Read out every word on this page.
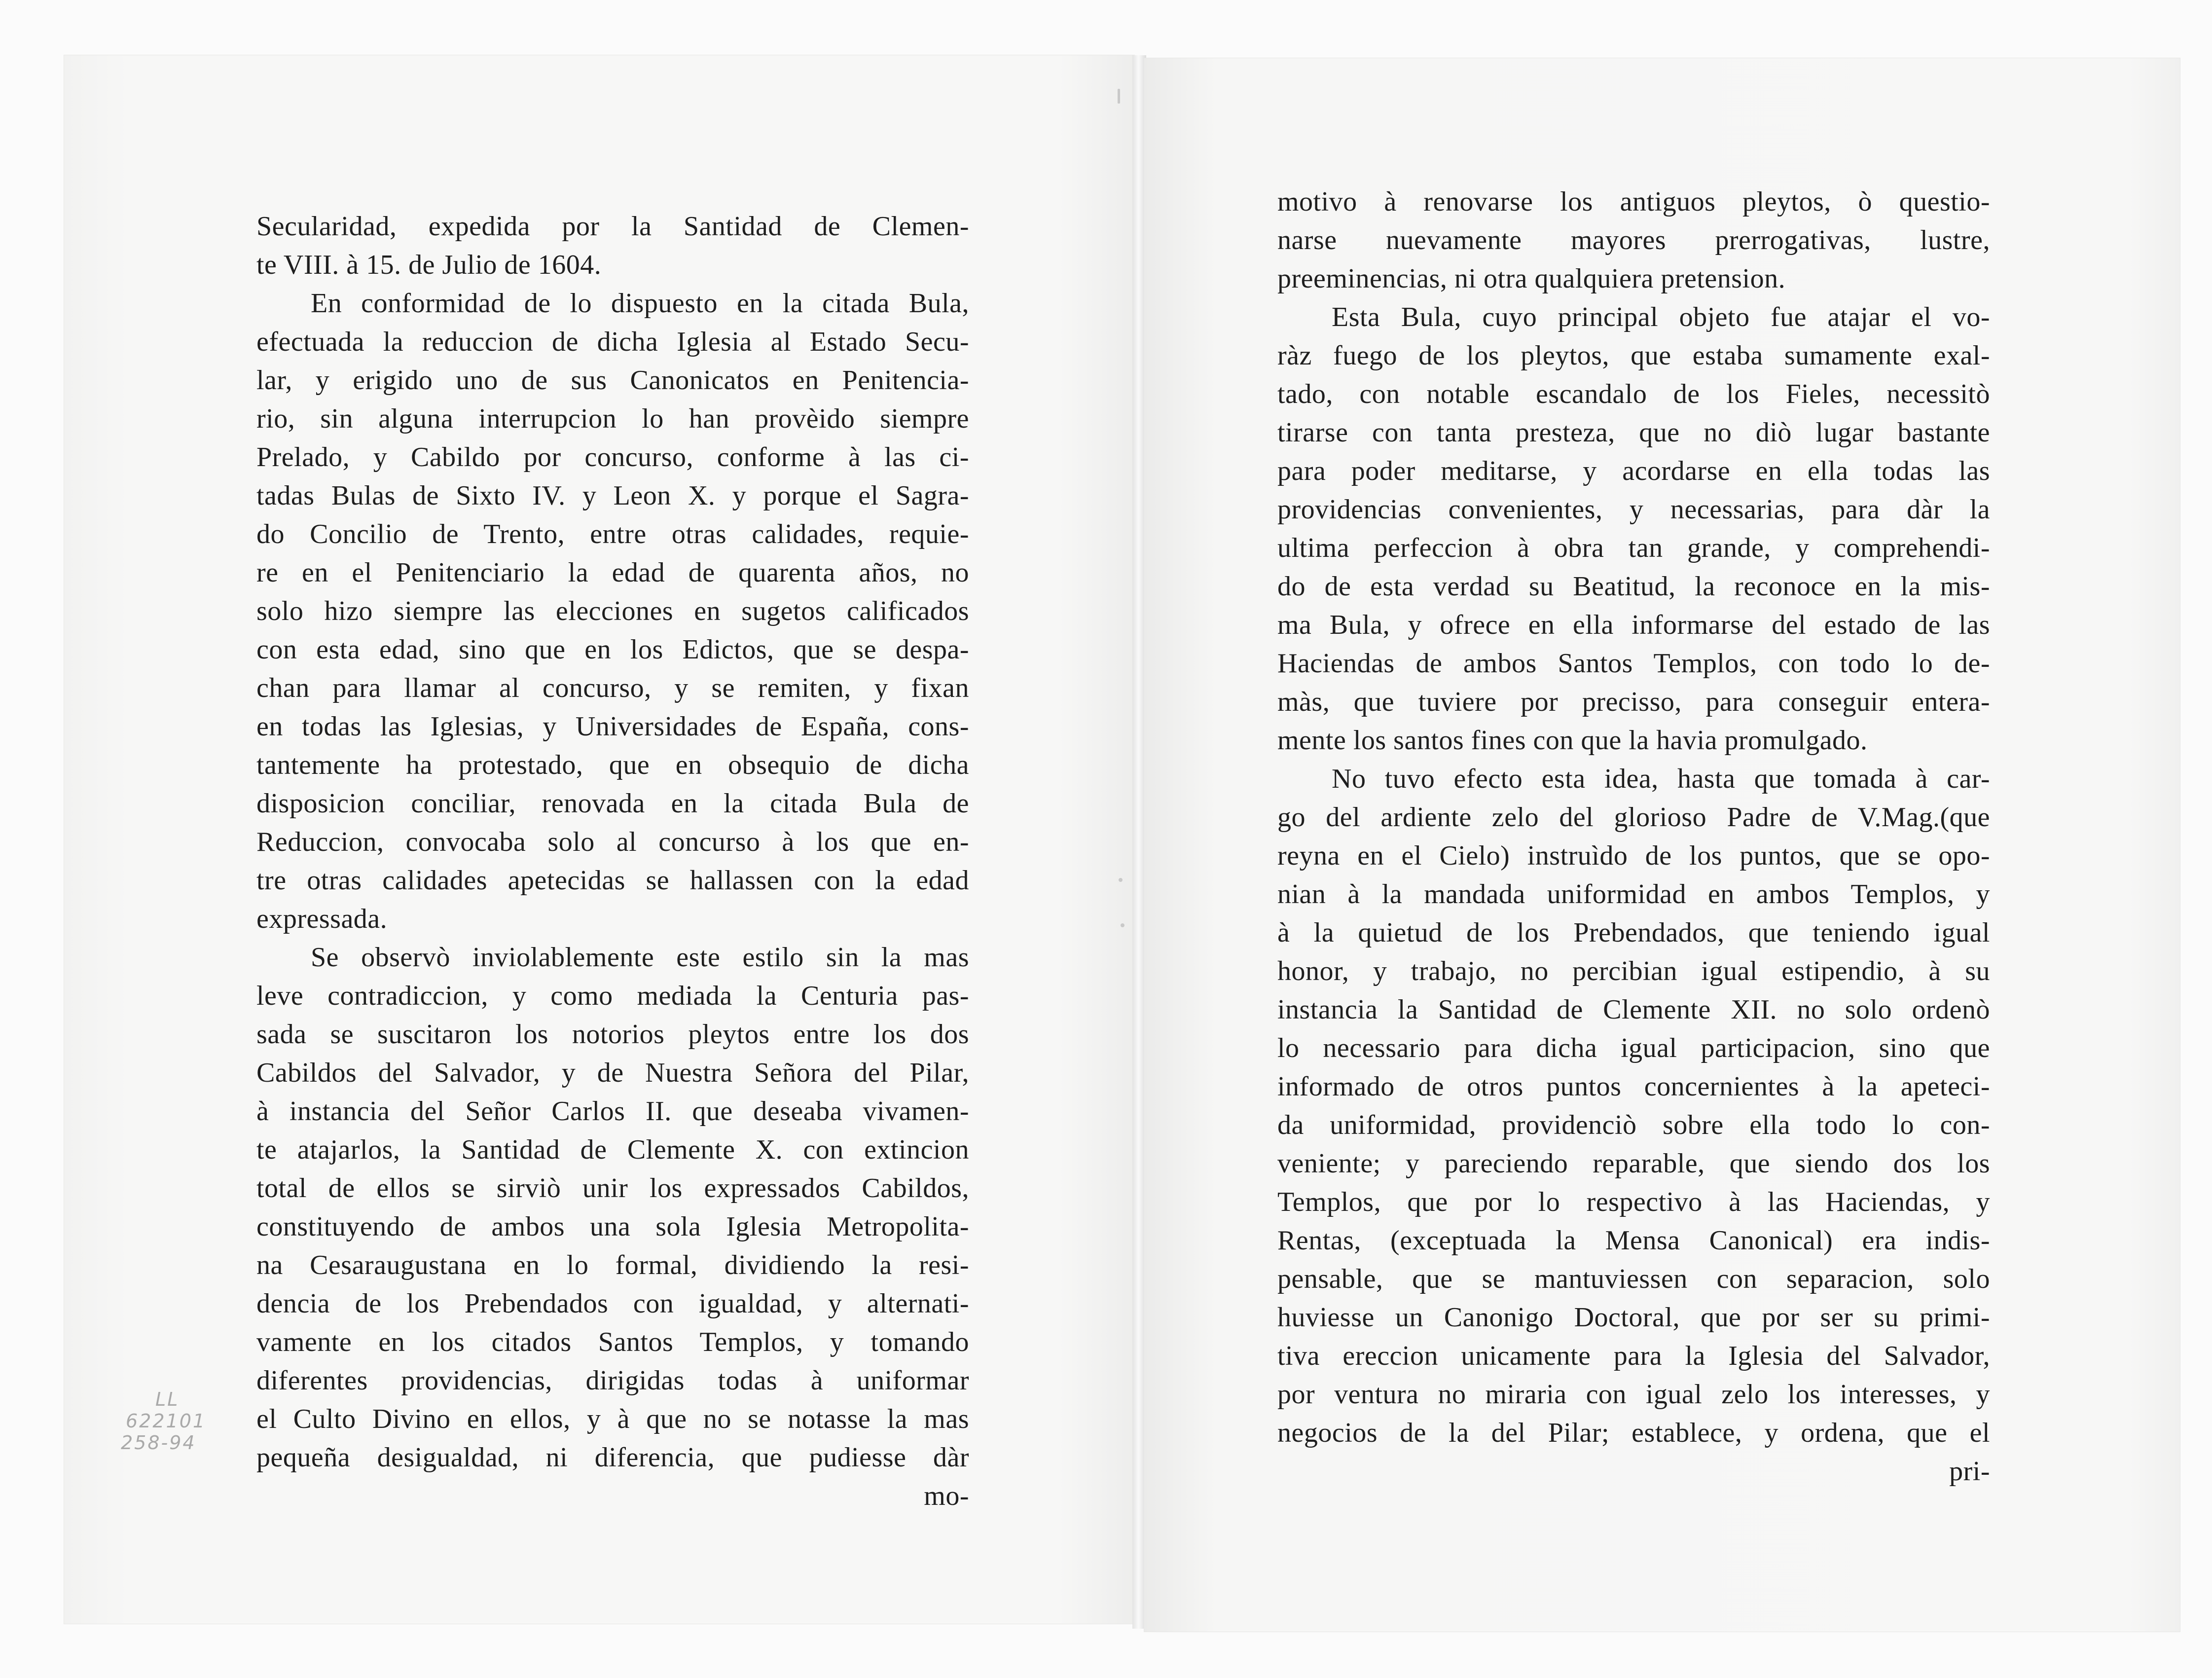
Secularidad, expedida por la Santidad de Clemen-
te VIII. à 15. de Julio de 1604.
En conformidad de lo dispuesto en la citada Bula,
efectuada la reduccion de dicha Iglesia al Estado Secu-
lar, y erigido uno de sus Canonicatos en Penitencia-
rio, sin alguna interrupcion lo han provèido siempre
Prelado, y Cabildo por concurso, conforme à las ci-
tadas Bulas de Sixto IV. y Leon X. y porque el Sagra-
do Concilio de Trento, entre otras calidades, requie-
re en el Penitenciario la edad de quarenta años, no
solo hizo siempre las elecciones en sugetos calificados
con esta edad, sino que en los Edictos, que se despa-
chan para llamar al concurso, y se remiten, y fixan
en todas las Iglesias, y Universidades de España, cons-
tantemente ha protestado, que en obsequio de dicha
disposicion conciliar, renovada en la citada Bula de
Reduccion, convocaba solo al concurso à los que en-
tre otras calidades apetecidas se hallassen con la edad
expressada.
Se observò inviolablemente este estilo sin la mas
leve contradiccion, y como mediada la Centuria pas-
sada se suscitaron los notorios pleytos entre los dos
Cabildos del Salvador, y de Nuestra Señora del Pilar,
à instancia del Señor Carlos II. que deseaba vivamen-
te atajarlos, la Santidad de Clemente X. con extincion
total de ellos se sirviò unir los expressados Cabildos,
constituyendo de ambos una sola Iglesia Metropolita-
na Cesaraugustana en lo formal, dividiendo la resi-
dencia de los Prebendados con igualdad, y alternati-
vamente en los citados Santos Templos, y tomando
diferentes providencias, dirigidas todas à uniformar
el Culto Divino en ellos, y à que no se notasse la mas
pequeña desigualdad, ni diferencia, que pudiesse dàr
mo-
motivo à renovarse los antiguos pleytos, ò questio-
narse nuevamente mayores prerrogativas, lustre,
preeminencias, ni otra qualquiera pretension.
Esta Bula, cuyo principal objeto fue atajar el vo-
ràz fuego de los pleytos, que estaba sumamente exal-
tado, con notable escandalo de los Fieles, necessitò
tirarse con tanta presteza, que no diò lugar bastante
para poder meditarse, y acordarse en ella todas las
providencias convenientes, y necessarias, para dàr la
ultima perfeccion à obra tan grande, y comprehendi-
do de esta verdad su Beatitud, la reconoce en la mis-
ma Bula, y ofrece en ella informarse del estado de las
Haciendas de ambos Santos Templos, con todo lo de-
màs, que tuviere por precisso, para conseguir entera-
mente los santos fines con que la havia promulgado.
No tuvo efecto esta idea, hasta que tomada à car-
go del ardiente zelo del glorioso Padre de V.Mag.(que
reyna en el Cielo) instruìdo de los puntos, que se opo-
nian à la mandada uniformidad en ambos Templos, y
à la quietud de los Prebendados, que teniendo igual
honor, y trabajo, no percibian igual estipendio, à su
instancia la Santidad de Clemente XII. no solo ordenò
lo necessario para dicha igual participacion, sino que
informado de otros puntos concernientes à la apeteci-
da uniformidad, providenciò sobre ella todo lo con-
veniente; y pareciendo reparable, que siendo dos los
Templos, que por lo respectivo à las Haciendas, y
Rentas, (exceptuada la Mensa Canonical) era indis-
pensable, que se mantuviessen con separacion, solo
huviesse un Canonigo Doctoral, que por ser su primi-
tiva ereccion unicamente para la Iglesia del Salvador,
por ventura no miraria con igual zelo los interesses, y
negocios de la del Pilar; establece, y ordena, que el
pri-
LL
622101
258-94
